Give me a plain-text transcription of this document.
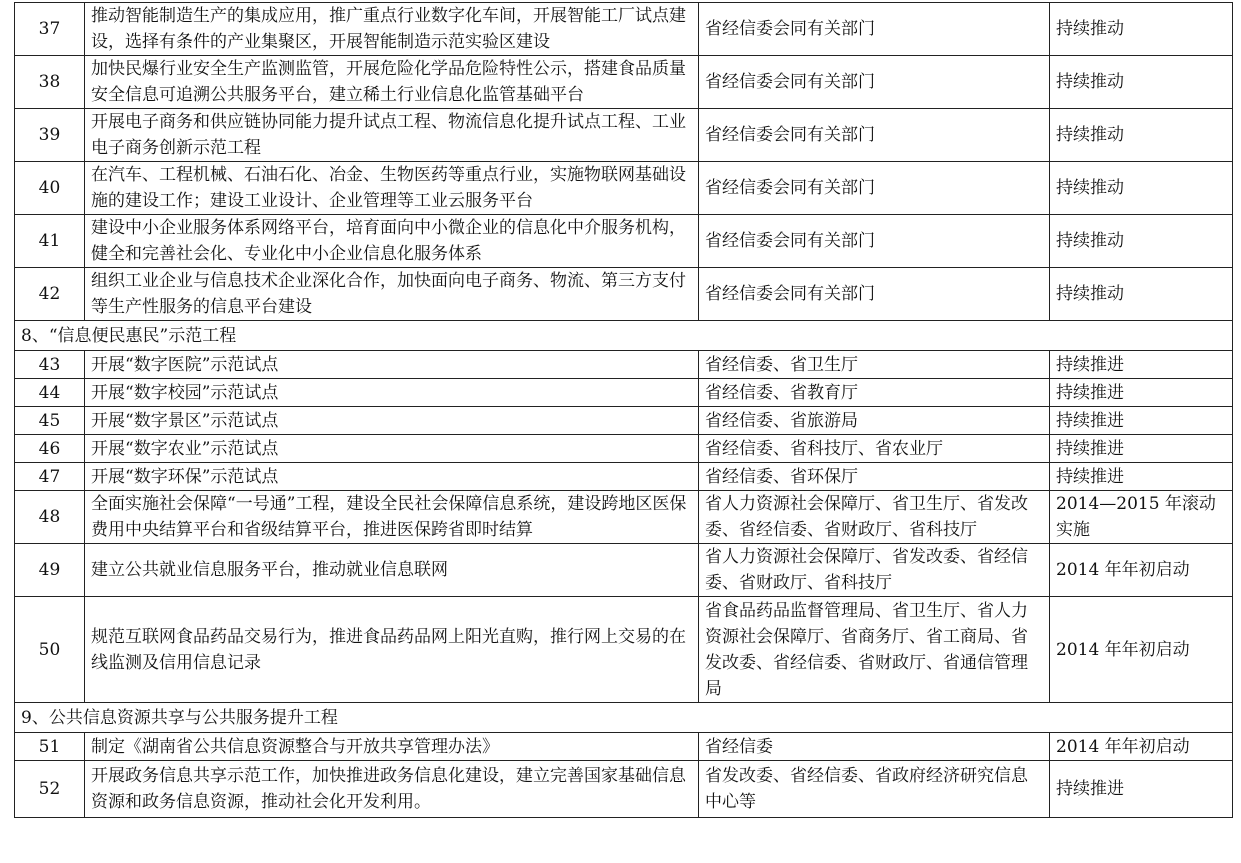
37	推动智能制造生产的集成应用，推广重点行业数字化车间，开展智能工厂试点建设，选择有条件的产业集聚区，开展智能制造示范实验区建设	省经信委会同有关部门	持续推动
38	加快民爆行业安全生产监测监管，开展危险化学品危险特性公示，搭建食品质量安全信息可追溯公共服务平台，建立稀土行业信息化监管基础平台	省经信委会同有关部门	持续推动
39	开展电子商务和供应链协同能力提升试点工程、物流信息化提升试点工程、工业电子商务创新示范工程	省经信委会同有关部门	持续推动
40	在汽车、工程机械、石油石化、冶金、生物医药等重点行业，实施物联网基础设施的建设工作；建设工业设计、企业管理等工业云服务平台	省经信委会同有关部门	持续推动
41	建设中小企业服务体系网络平台，培育面向中小微企业的信息化中介服务机构，健全和完善社会化、专业化中小企业信息化服务体系	省经信委会同有关部门	持续推动
42	组织工业企业与信息技术企业深化合作，加快面向电子商务、物流、第三方支付等生产性服务的信息平台建设	省经信委会同有关部门	持续推动
8、“信息便民惠民”示范工程			
43	开展“数字医院”示范试点	省经信委、省卫生厅	持续推进
44	开展“数字校园”示范试点	省经信委、省教育厅	持续推进
45	开展“数字景区”示范试点	省经信委、省旅游局	持续推进
46	开展“数字农业”示范试点	省经信委、省科技厅、省农业厅	持续推进
47	开展“数字环保”示范试点	省经信委、省环保厅	持续推进
48	全面实施社会保障“一号通”工程，建设全民社会保障信息系统，建设跨地区医保费用中央结算平台和省级结算平台，推进医保跨省即时结算	省人力资源社会保障厅、省卫生厅、省发改委、省经信委、省财政厅、省科技厅	2014—2015 年滚动实施
49	建立公共就业信息服务平台，推动就业信息联网	省人力资源社会保障厅、省发改委、省经信委、省财政厅、省科技厅	2014 年年初启动
50	规范互联网食品药品交易行为，推进食品药品网上阳光直购，推行网上交易的在线监测及信用信息记录	省食品药品监督管理局、省卫生厅、省人力资源社会保障厅、省商务厅、省工商局、省发改委、省经信委、省财政厅、省通信管理局	2014 年年初启动
9、公共信息资源共享与公共服务提升工程			
51	制定《湖南省公共信息资源整合与开放共享管理办法》	省经信委	2014 年年初启动
52	开展政务信息共享示范工作，加快推进政务信息化建设，建立完善国家基础信息资源和政务信息资源，推动社会化开发利用。	省发改委、省经信委、省政府经济研究信息中心等	持续推进
